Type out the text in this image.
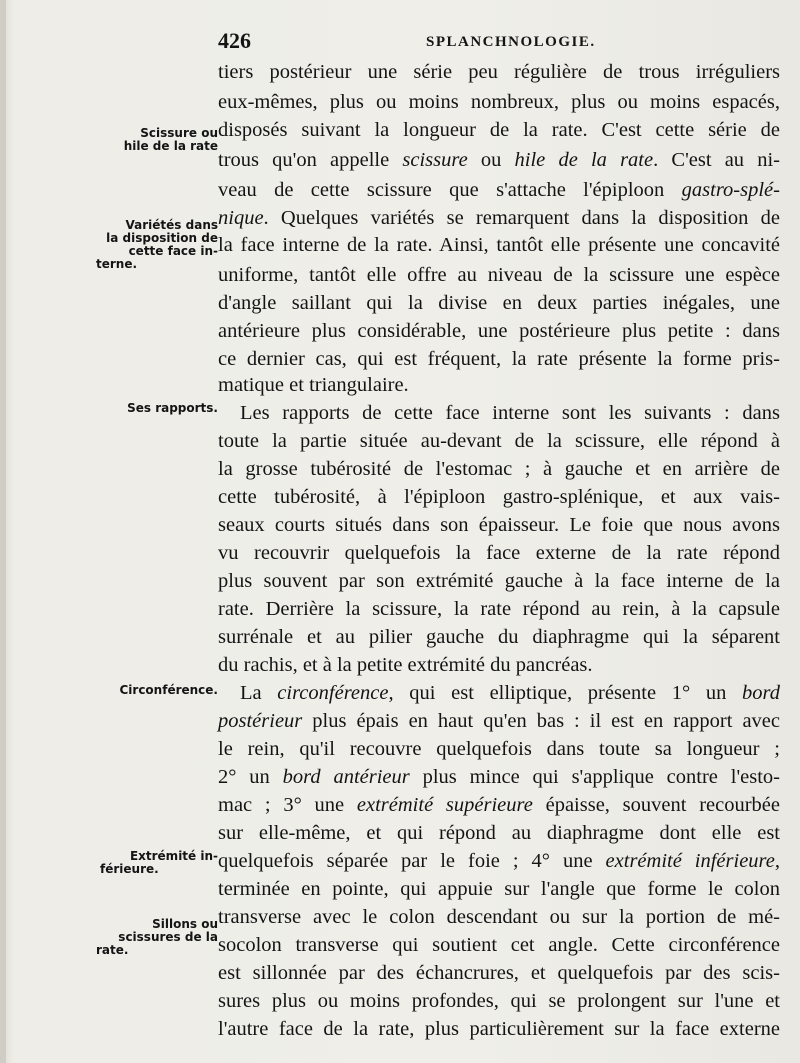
426	SPLANCHNOLOGIE.
Scissure ou
hile de la rate
Variétés dans
la disposition de
cette face in-
terne.
Ses rapports.
Circonférence.
Extrémité in-
férieure.
Sillons ou
scissures de la
rate.
tiers postérieur une série peu régulière de trous irréguliers
eux-mêmes, plus ou moins nombreux, plus ou moins espacés,
disposés suivant la longueur de la rate. C'est cette série de
trous qu'on appelle scissure ou hile de la rate. C'est au ni-
veau de cette scissure que s'attache l'épiploon gastro-splé-
nique. Quelques variétés se remarquent dans la disposition de
la face interne de la rate. Ainsi, tantôt elle présente une concavité
uniforme, tantôt elle offre au niveau de la scissure une espèce
d'angle saillant qui la divise en deux parties inégales, une
antérieure plus considérable, une postérieure plus petite : dans
ce dernier cas, qui est fréquent, la rate présente la forme pris-
matique et triangulaire.
Les rapports de cette face interne sont les suivants : dans
toute la partie située au-devant de la scissure, elle répond à
la grosse tubérosité de l'estomac ; à gauche et en arrière de
cette tubérosité, à l'épiploon gastro-splénique, et aux vais-
seaux courts situés dans son épaisseur. Le foie que nous avons
vu recouvrir quelquefois la face externe de la rate répond
plus souvent par son extrémité gauche à la face interne de la
rate. Derrière la scissure, la rate répond au rein, à la capsule
surrénale et au pilier gauche du diaphragme qui la séparent
du rachis, et à la petite extrémité du pancréas.
La circonférence, qui est elliptique, présente 1° un bord
postérieur plus épais en haut qu'en bas : il est en rapport avec
le rein, qu'il recouvre quelquefois dans toute sa longueur ;
2° un bord antérieur plus mince qui s'applique contre l'esto-
mac ; 3° une extrémité supérieure épaisse, souvent recourbée
sur elle-même, et qui répond au diaphragme dont elle est
quelquefois séparée par le foie ; 4° une extrémité inférieure,
terminée en pointe, qui appuie sur l'angle que forme le colon
transverse avec le colon descendant ou sur la portion de mé-
socolon transverse qui soutient cet angle. Cette circonférence
est sillonnée par des échancrures, et quelquefois par des scis-
sures plus ou moins profondes, qui se prolongent sur l'une et
l'autre face de la rate, plus particulièrement sur la face externe
